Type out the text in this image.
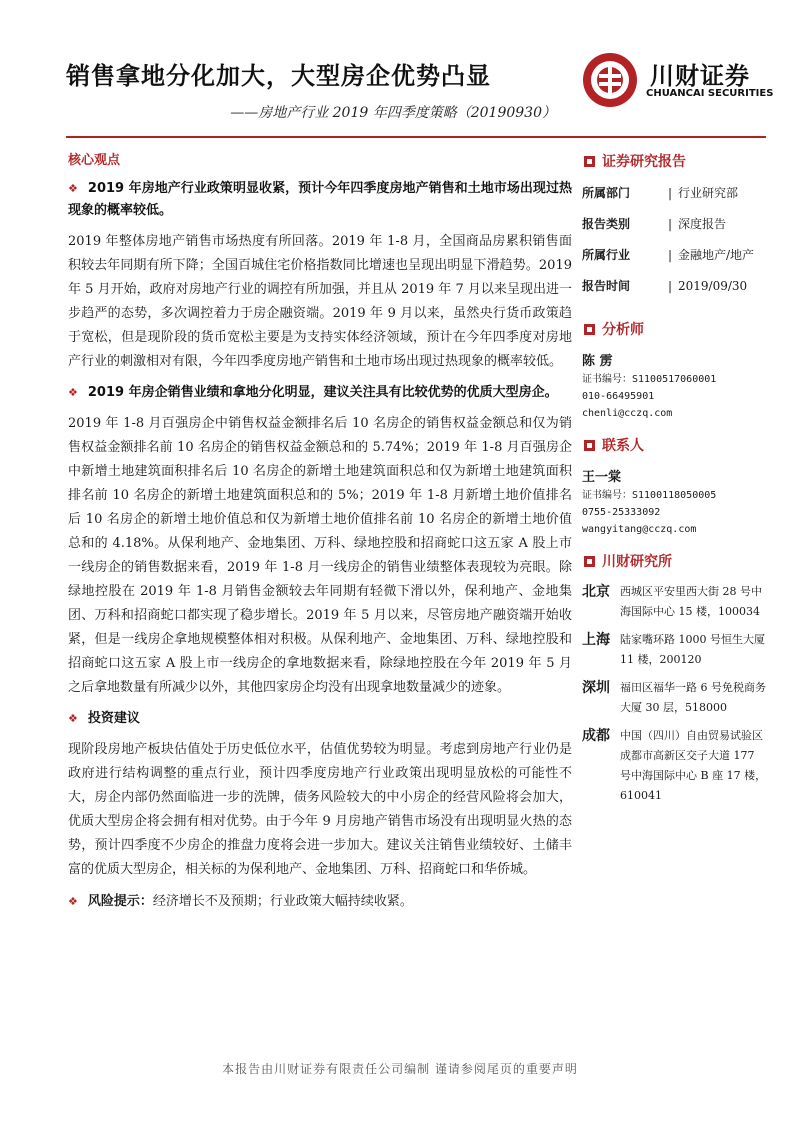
销售拿地分化加大，大型房企优势凸显
——房地产行业 2019 年四季度策略（20190930）
川财证券
CHUANCAI SECURITIES
核心观点
❖ 2019 年房地产行业政策明显收紧，预计今年四季度房地产销售和土地市场出现过热现象的概率较低。
2019 年整体房地产销售市场热度有所回落。2019 年 1-8 月，全国商品房累积销售面积较去年同期有所下降；全国百城住宅价格指数同比增速也呈现出明显下滑趋势。2019 年 5 月开始，政府对房地产行业的调控有所加强，并且从 2019 年 7 月以来呈现出进一步趋严的态势，多次调控着力于房企融资端。2019 年 9 月以来，虽然央行货币政策趋于宽松，但是现阶段的货币宽松主要是为支持实体经济领域，预计在今年四季度对房地产行业的刺激相对有限，今年四季度房地产销售和土地市场出现过热现象的概率较低。
❖ 2019 年房企销售业绩和拿地分化明显，建议关注具有比较优势的优质大型房企。
2019 年 1-8 月百强房企中销售权益金额排名后 10 名房企的销售权益金额总和仅为销售权益金额排名前 10 名房企的销售权益金额总和的 5.74%；2019 年 1-8 月百强房企中新增土地建筑面积排名后 10 名房企的新增土地建筑面积总和仅为新增土地建筑面积排名前 10 名房企的新增土地建筑面积总和的 5%；2019 年 1-8 月新增土地价值排名后 10 名房企的新增土地价值总和仅为新增土地价值排名前 10 名房企的新增土地价值总和的 4.18%。从保利地产、金地集团、万科、绿地控股和招商蛇口这五家 A 股上市一线房企的销售数据来看，2019 年 1-8 月一线房企的销售业绩整体表现较为亮眼。除绿地控股在 2019 年 1-8 月销售金额较去年同期有轻微下滑以外，保利地产、金地集团、万科和招商蛇口都实现了稳步增长。2019 年 5 月以来，尽管房地产融资端开始收紧，但是一线房企拿地规模整体相对积极。从保利地产、金地集团、万科、绿地控股和招商蛇口这五家 A 股上市一线房企的拿地数据来看，除绿地控股在今年 2019 年 5 月之后拿地数量有所减少以外，其他四家房企均没有出现拿地数量减少的迹象。
❖ 投资建议
现阶段房地产板块估值处于历史低位水平，估值优势较为明显。考虑到房地产行业仍是政府进行结构调整的重点行业，预计四季度房地产行业政策出现明显放松的可能性不大，房企内部仍然面临进一步的洗牌，债务风险较大的中小房企的经营风险将会加大，优质大型房企将会拥有相对优势。由于今年 9 月房地产销售市场没有出现明显火热的态势，预计四季度不少房企的推盘力度将会进一步加大。建议关注销售业绩较好、土储丰富的优质大型房企，相关标的为保利地产、金地集团、万科、招商蛇口和华侨城。
❖ 风险提示：经济增长不及预期；行业政策大幅持续收紧。
证券研究报告
所属部门	| 行业研究部
报告类别	| 深度报告
所属行业	| 金融地产/地产
报告时间	| 2019/09/30
分析师
陈 雳
证书编号：S1100517060001
010-66495901
chenli@cczq.com
联系人
王一棠
证书编号：S1100118050005
0755-25333092
wangyitang@cczq.com
川财研究所
北京 西城区平安里西大街 28 号中海国际中心 15 楼，100034
上海 陆家嘴环路 1000 号恒生大厦 11 楼，200120
深圳 福田区福华一路 6 号免税商务大厦 30 层，518000
成都 中国（四川）自由贸易试验区成都市高新区交子大道 177 号中海国际中心 B 座 17 楼，610041
本报告由川财证券有限责任公司编制 谨请参阅尾页的重要声明
